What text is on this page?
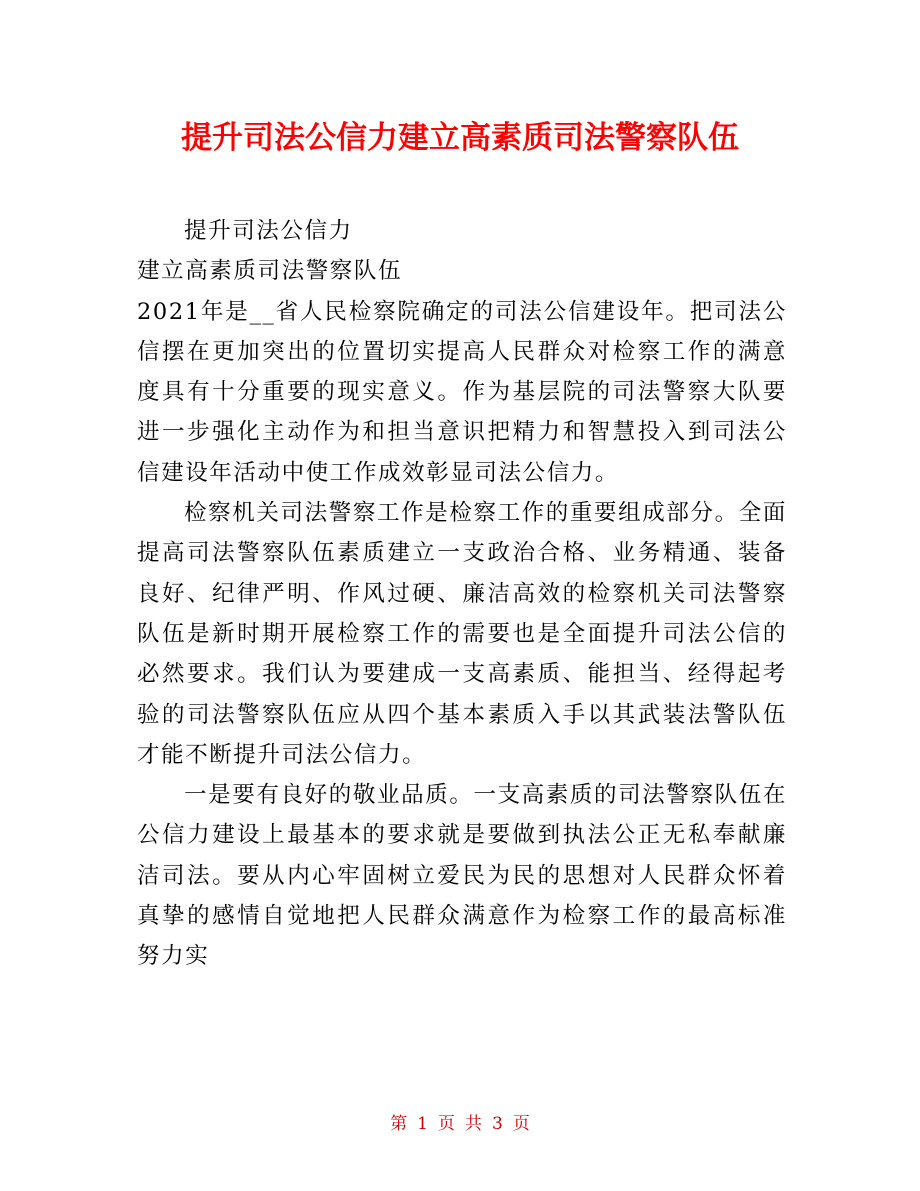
提升司法公信力建立高素质司法警察队伍

提升司法公信力

建立高素质司法警察队伍

2021年是__省人民检察院确定的司法公信建设年。把司法公信摆在更加突出的位置切实提高人民群众对检察工作的满意度具有十分重要的现实意义。作为基层院的司法警察大队要进一步强化主动作为和担当意识把精力和智慧投入到司法公信建设年活动中使工作成效彰显司法公信力。

检察机关司法警察工作是检察工作的重要组成部分。全面提高司法警察队伍素质建立一支政治合格、业务精通、装备良好、纪律严明、作风过硬、廉洁高效的检察机关司法警察队伍是新时期开展检察工作的需要也是全面提升司法公信的必然要求。我们认为要建成一支高素质、能担当、经得起考验的司法警察队伍应从四个基本素质入手以其武装法警队伍才能不断提升司法公信力。

一是要有良好的敬业品质。一支高素质的司法警察队伍在公信力建设上最基本的要求就是要做到执法公正无私奉献廉洁司法。要从内心牢固树立爱民为民的思想对人民群众怀着真挚的感情自觉地把人民群众满意作为检察工作的最高标准努力实

第 1 页 共 3 页
